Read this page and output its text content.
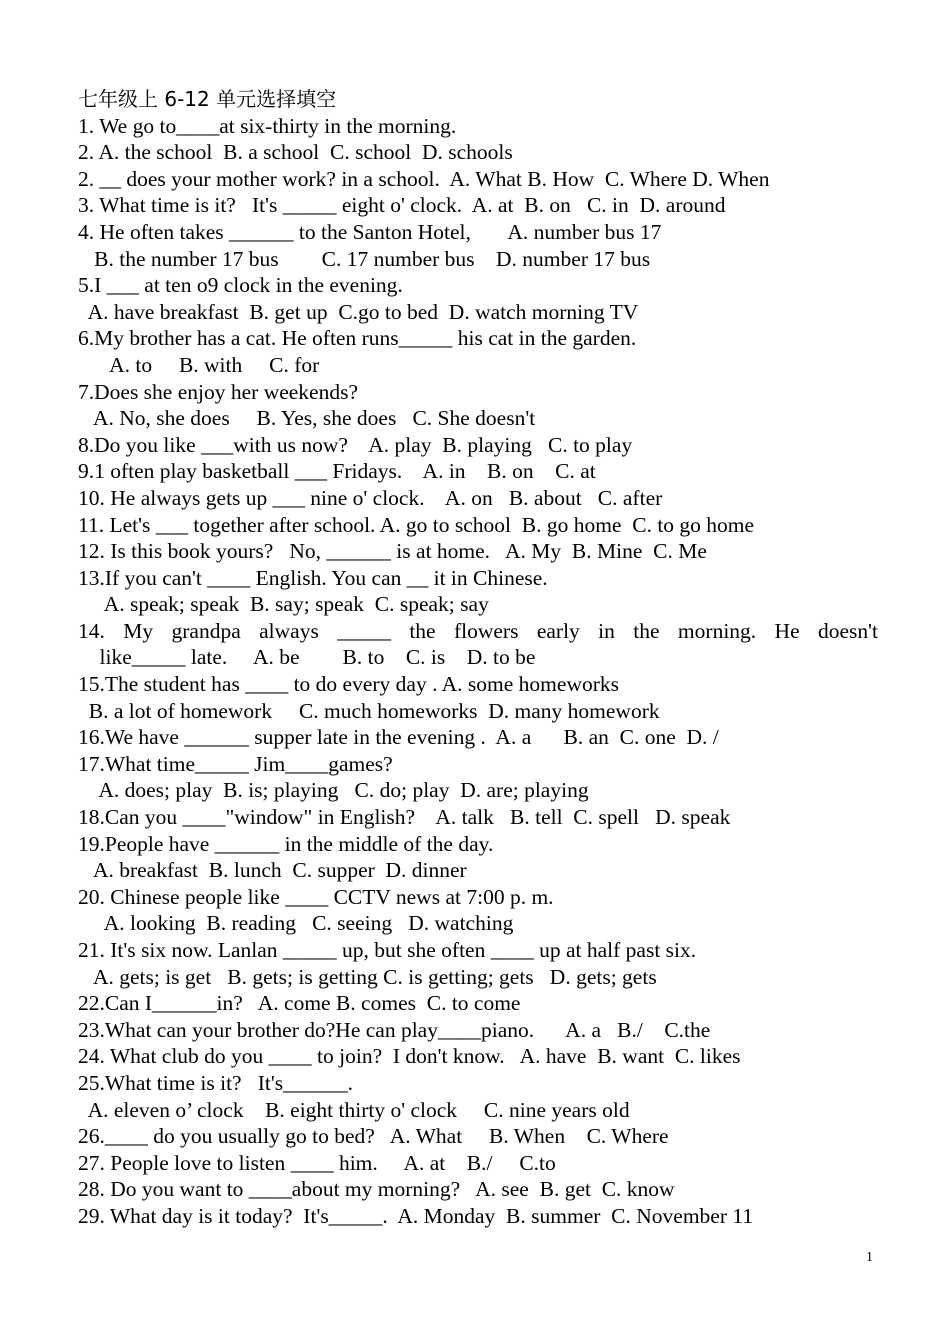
七年级上 6-12 单元选择填空
1. We go to____at six-thirty in the morning.
2. A. the school  B. a school  C. school  D. schools
2. __ does your mother work? in a school.  A. What B. How  C. Where D. When
3. What time is it?   It's _____ eight o' clock.  A. at  B. on   C. in  D. around
4. He often takes ______ to the Santon Hotel,       A. number bus 17
B. the number 17 bus        C. 17 number bus    D. number 17 bus
5.I ___ at ten o9 clock in the evening.
A. have breakfast  B. get up  C.go to bed  D. watch morning TV
6.My brother has a cat. He often runs_____ his cat in the garden.
A. to     B. with     C. for
7.Does she enjoy her weekends?
A. No, she does     B. Yes, she does   C. She doesn't
8.Do you like ___with us now?    A. play  B. playing   C. to play
9.1 often play basketball ___ Fridays.    A. in    B. on    C. at
10. He always gets up ___ nine o' clock.    A. on   B. about   C. after
11. Let's ___ together after school. A. go to school  B. go home  C. to go home
12. Is this book yours?   No, ______ is at home.   A. My  B. Mine  C. Me
13.If you can't ____ English. You can __ it in Chinese.
A. speak; speak  B. say; speak  C. speak; say
14. My grandpa always _____ the flowers early in the morning. He doesn't
like_____ late.     A. be        B. to    C. is    D. to be
15.The student has ____ to do every day . A. some homeworks
B. a lot of homework     C. much homeworks  D. many homework
16.We have ______ supper late in the evening .  A. a      B. an  C. one  D. /
17.What time_____ Jim____games?
A. does; play  B. is; playing   C. do; play  D. are; playing
18.Can you ____"window" in English?    A. talk   B. tell  C. spell   D. speak
19.People have ______ in the middle of the day.
A. breakfast  B. lunch  C. supper  D. dinner
20. Chinese people like ____ CCTV news at 7:00 p. m.
A. looking  B. reading   C. seeing   D. watching
21. It's six now. Lanlan _____ up, but she often ____ up at half past six.
A. gets; is get   B. gets; is getting C. is getting; gets   D. gets; gets
22.Can I______in?   A. come B. comes  C. to come
23.What can your brother do?He can play____piano.      A. a   B./    C.the
24. What club do you ____ to join?  I don't know.   A. have  B. want  C. likes
25.What time is it?   It's______.
A. eleven o’ clock    B. eight thirty o' clock     C. nine years old
26.____ do you usually go to bed?   A. What     B. When    C. Where
27. People love to listen ____ him.     A. at    B./     C.to
28. Do you want to ____about my morning?   A. see  B. get  C. know
29. What day is it today?  It's_____.  A. Monday  B. summer  C. November 11
1
